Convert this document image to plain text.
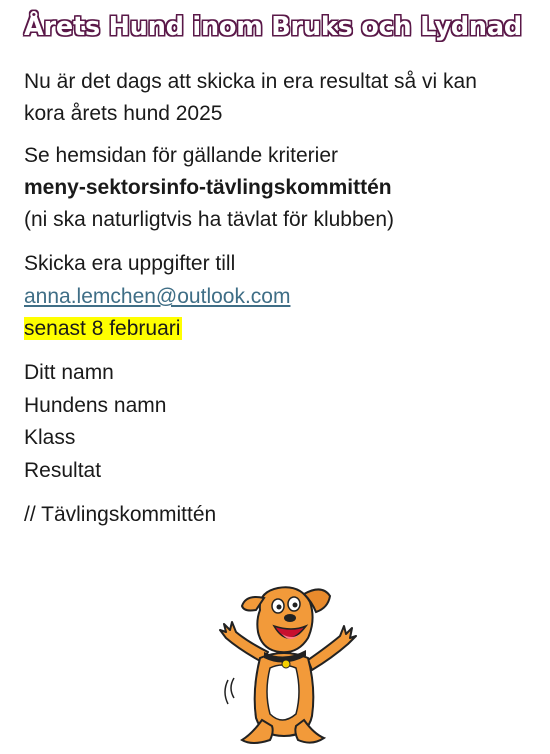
Årets Hund inom Bruks och Lydnad
Nu är det dags att skicka in era resultat så vi kan
kora årets hund 2025
Se hemsidan för gällande kriterier
meny-sektorsinfo-tävlingskommittén
(ni ska naturligtvis ha tävlat för klubben)
Skicka era uppgifter till
anna.lemchen@outlook.com
senast 8 februari
Ditt namn
Hundens namn
Klass
Resultat
// Tävlingskommittén
